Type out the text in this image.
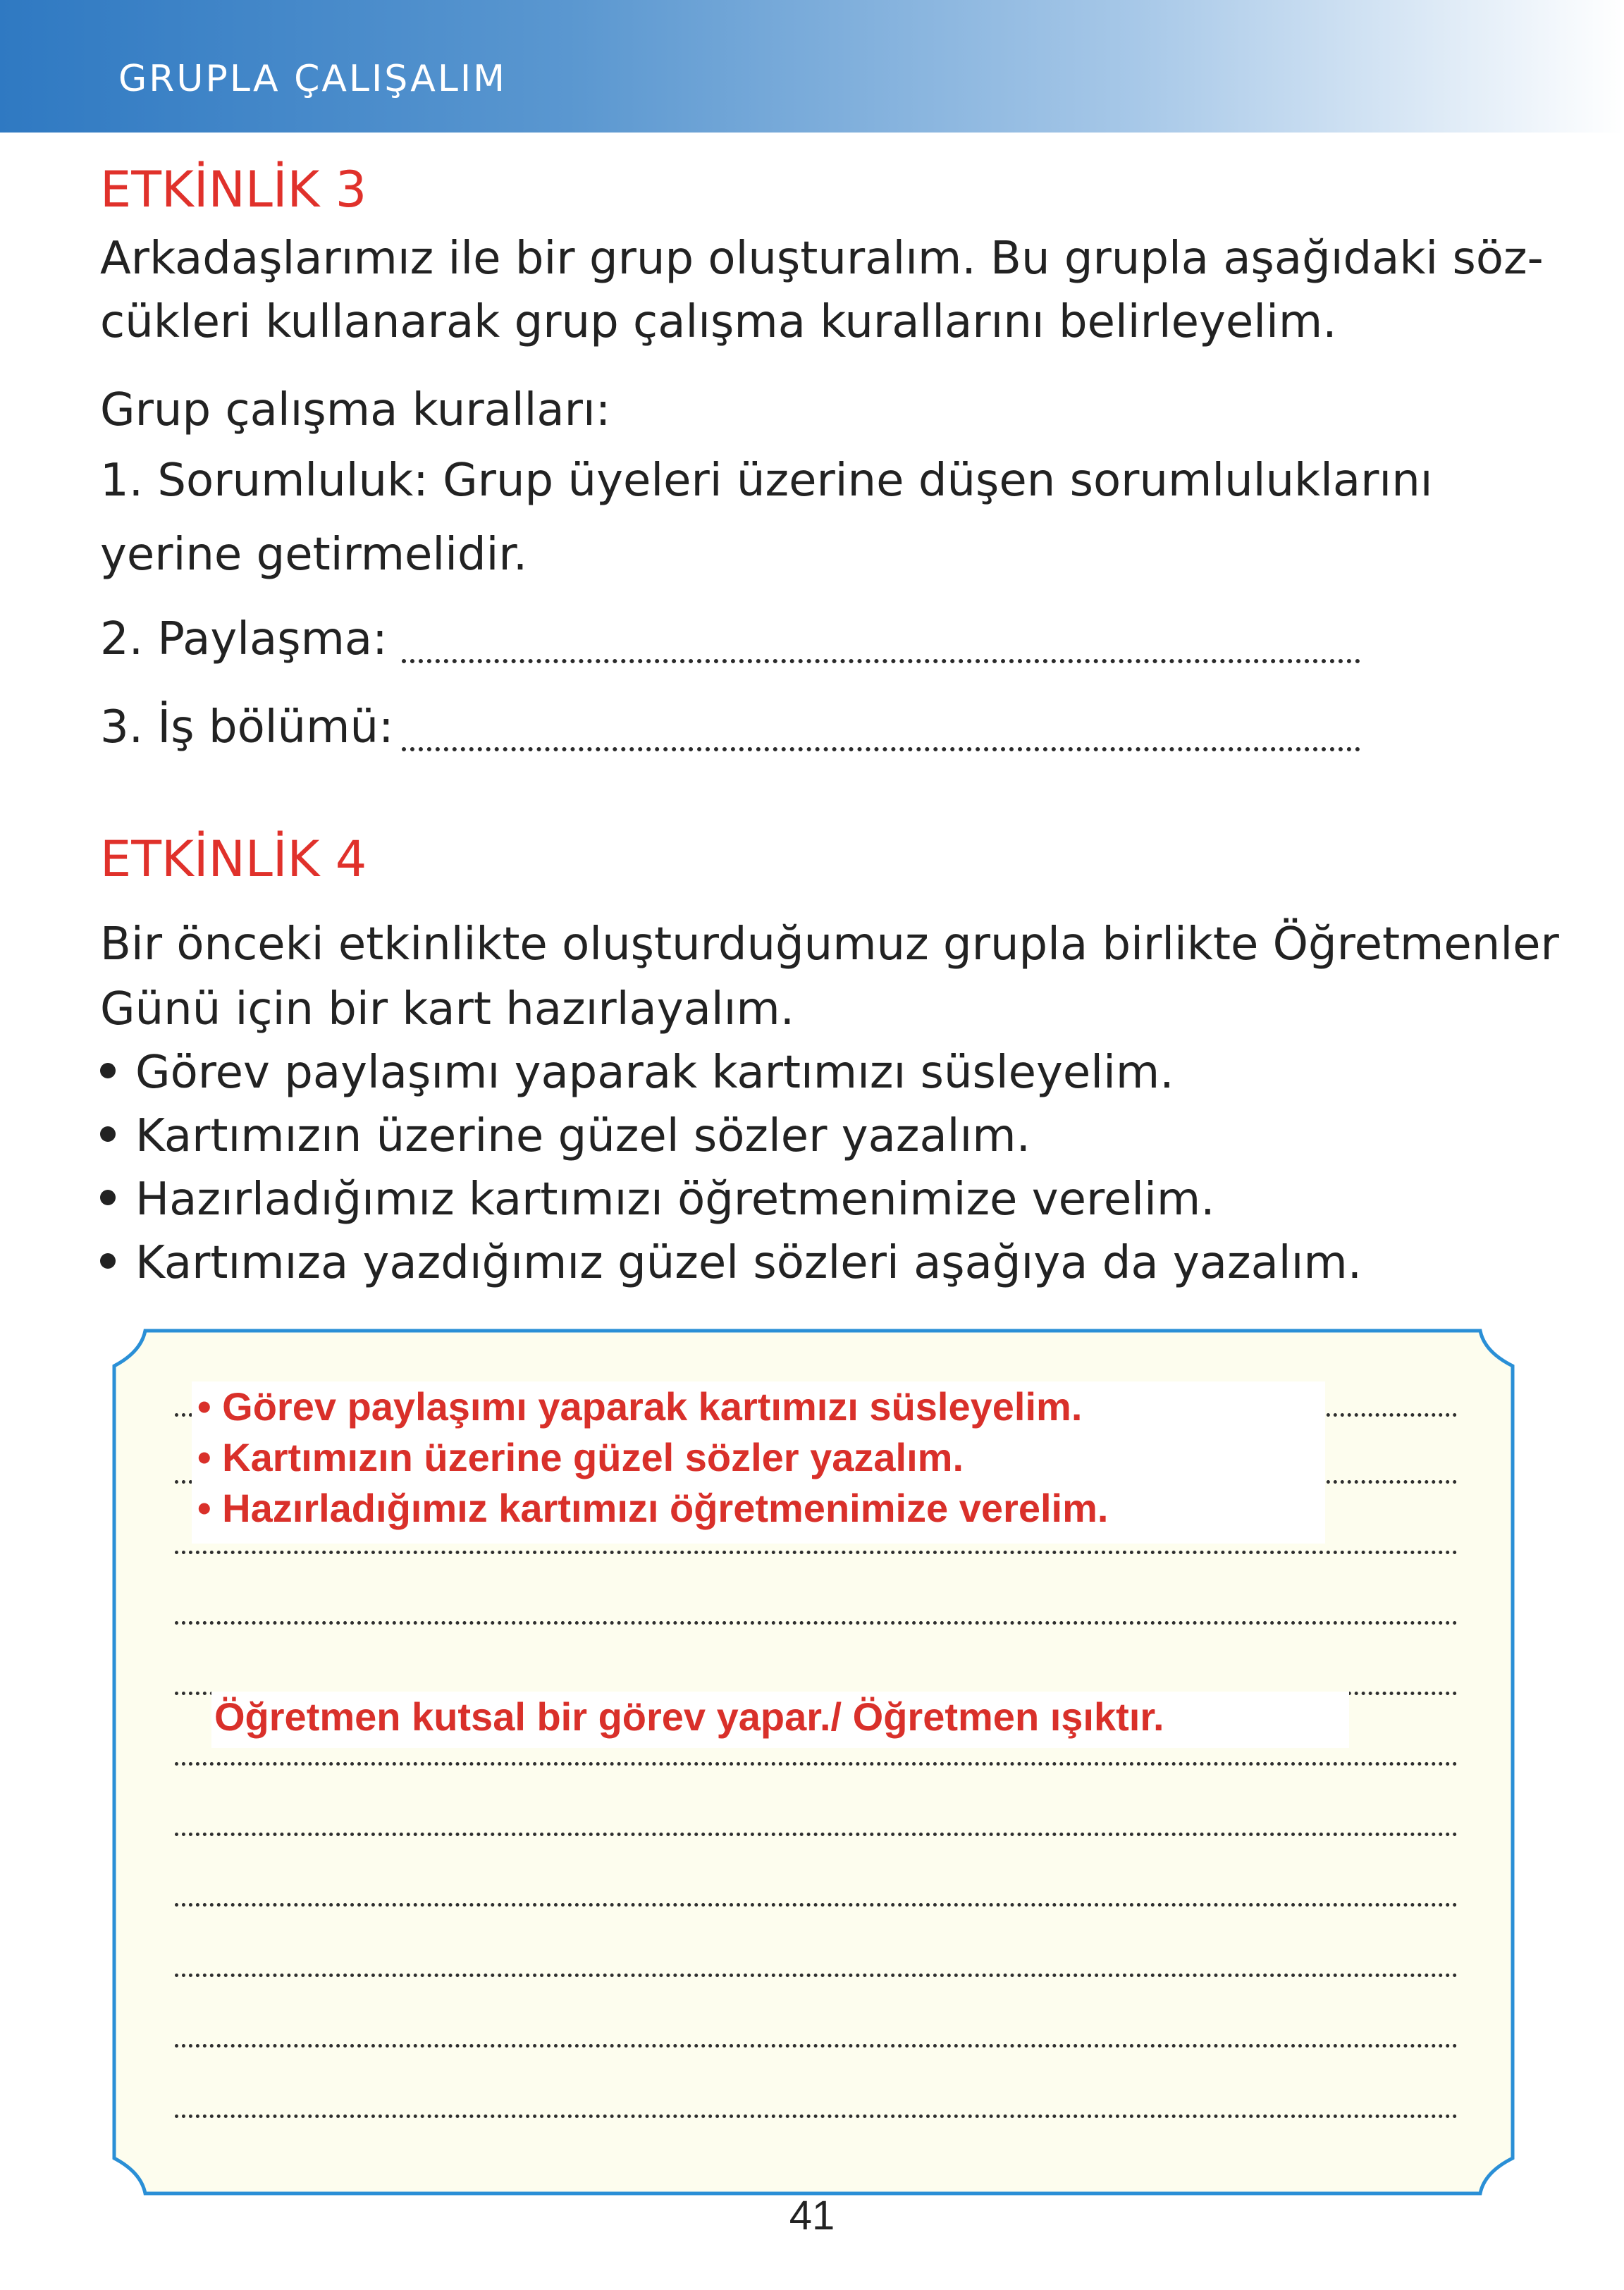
GRUPLA ÇALIŞALIM
ETKİNLİK 3
Arkadaşlarımız ile bir grup oluşturalım. Bu grupla aşağıdaki söz-
cükleri kullanarak grup çalışma kurallarını belirleyelim.
Grup çalışma kuralları:
1. Sorumluluk: Grup üyeleri üzerine düşen sorumluluklarını
yerine getirmelidir.
2. Paylaşma:
3. İş bölümü:
ETKİNLİK 4
Bir önceki etkinlikte oluşturduğumuz grupla birlikte Öğretmenler
Günü için bir kart hazırlayalım.
Görev paylaşımı yaparak kartımızı süsleyelim.
Kartımızın üzerine güzel sözler yazalım.
Hazırladığımız kartımızı öğretmenimize verelim.
Kartımıza yazdığımız güzel sözleri aşağıya da yazalım.
• Görev paylaşımı yaparak kartımızı süsleyelim.
• Kartımızın üzerine güzel sözler yazalım.
• Hazırladığımız kartımızı öğretmenimize verelim.
Öğretmen kutsal bir görev yapar./ Öğretmen ışıktır.
41
